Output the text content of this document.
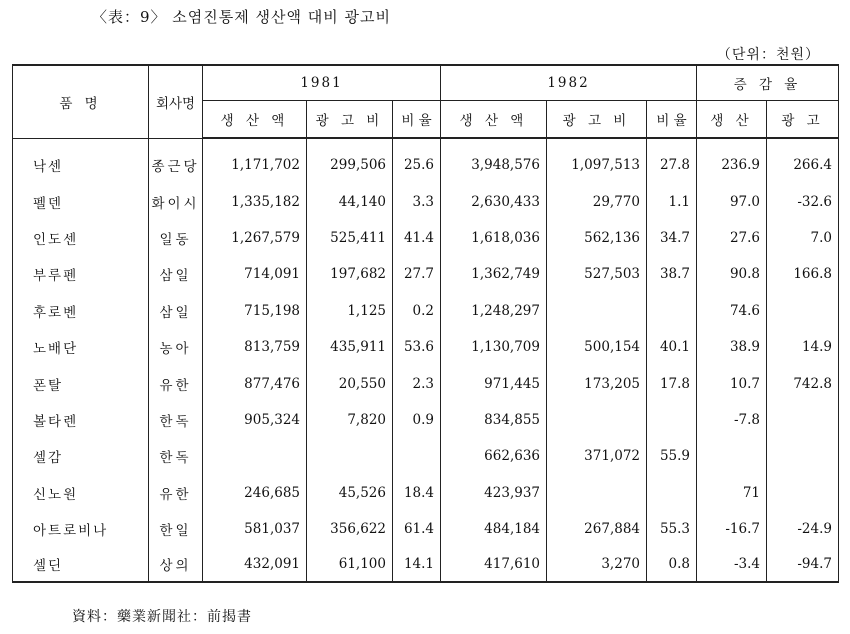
〈表：9〉 소염진통제 생산액 대비 광고비
（단위：천원）
품 명	회사명	1981			1982			증 감 율	
		생 산 액	광 고 비	비 율	생 산 액	광 고 비	비 율	생 산	광 고

낙센	종근당	1,171,702	299,506	25.6	3,948,576	1,097,513	27.8	236.9	266.4
펠덴	화이시	1,335,182	44,140	3.3	2,630,433	29,770	1.1	97.0	-32.6
인도센	일동	1,267,579	525,411	41.4	1,618,036	562,136	34.7	27.6	7.0
부루펜	삼일	714,091	197,682	27.7	1,362,749	527,503	38.7	90.8	166.8
후로벤	삼일	715,198	1,125	0.2	1,248,297			74.6	
노배단	농아	813,759	435,911	53.6	1,130,709	500,154	40.1	38.9	14.9
폰탈	유한	877,476	20,550	2.3	971,445	173,205	17.8	10.7	742.8
볼타렌	한독	905,324	7,820	0.9	834,855			-7.8	
셀감	한독				662,636	371,072	55.9		
신노원	유한	246,685	45,526	18.4	423,937			71	
아트로비나	한일	581,037	356,622	61.4	484,184	267,884	55.3	-16.7	-24.9
셀딘	상의	432,091	61,100	14.1	417,610	3,270	0.8	-3.4	-94.7
資料：藥業新聞社：前揭書
